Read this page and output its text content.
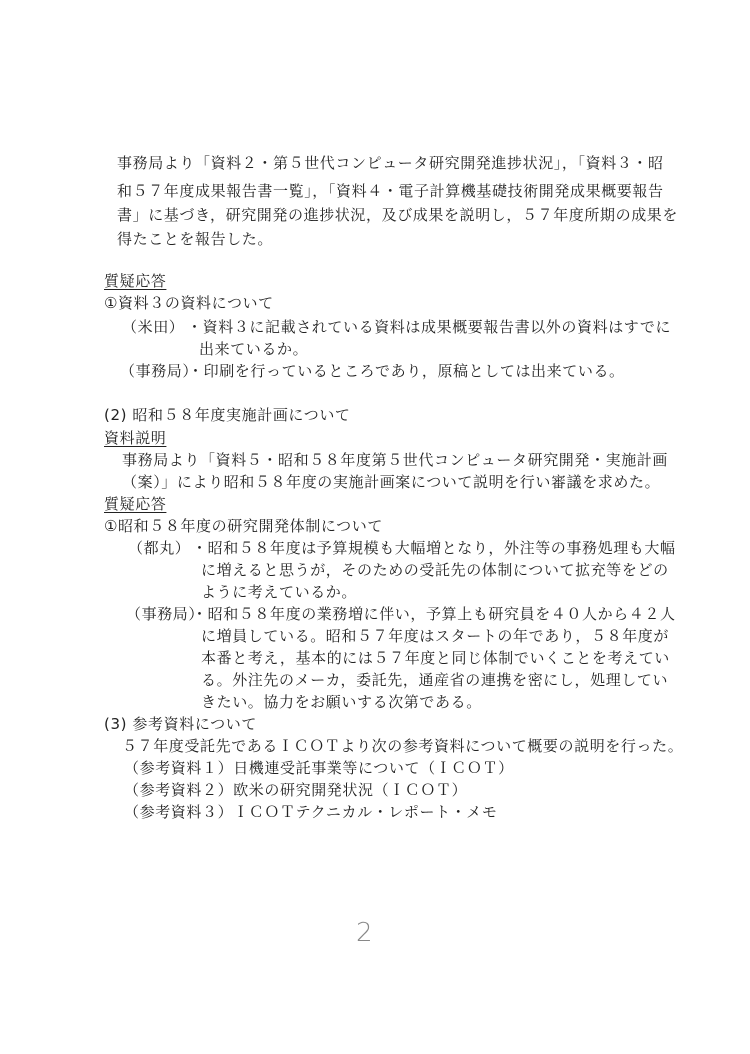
事務局より「資料２・第５世代コンピュータ研究開発進捗状況」，「資料３・昭
和５７年度成果報告書一覧」，「資料４・電子計算機基礎技術開発成果概要報告
書」に基づき，研究開発の進捗状況，及び成果を説明し，５７年度所期の成果を
得たことを報告した。
質疑応答
①資料３の資料について
（米田） ・資料３に記載されている資料は成果概要報告書以外の資料はすでに
出来ているか。
（事務局）
・印刷を行っているところであり，原稿としては出来ている。
(2) 昭和５８年度実施計画について
資料説明
事務局より「資料５・昭和５８年度第５世代コンピュータ研究開発・実施計画
（案）」により昭和５８年度の実施計画案について説明を行い審議を求めた。
質疑応答
①昭和５８年度の研究開発体制について
（都丸） ・昭和５８年度は予算規模も大幅増となり，外注等の事務処理も大幅
に増えると思うが，そのための受託先の体制について拡充等をどの
ように考えているか。
（事務局）
・昭和５８年度の業務増に伴い，予算上も研究員を４０人から４２人
に増員している。昭和５７年度はスタートの年であり，５８年度が
本番と考え，基本的には５７年度と同じ体制でいくことを考えてい
る。外注先のメーカ，委託先，通産省の連携を密にし，処理してい
きたい。協力をお願いする次第である。
(3) 参考資料について
５７年度受託先であるＩＣＯＴより次の参考資料について概要の説明を行った。
（参考資料１）日機連受託事業等について（ＩＣＯＴ）
（参考資料２）欧米の研究開発状況（ＩＣＯＴ）
（参考資料３）ＩＣＯＴテクニカル・レポート・メモ
2
